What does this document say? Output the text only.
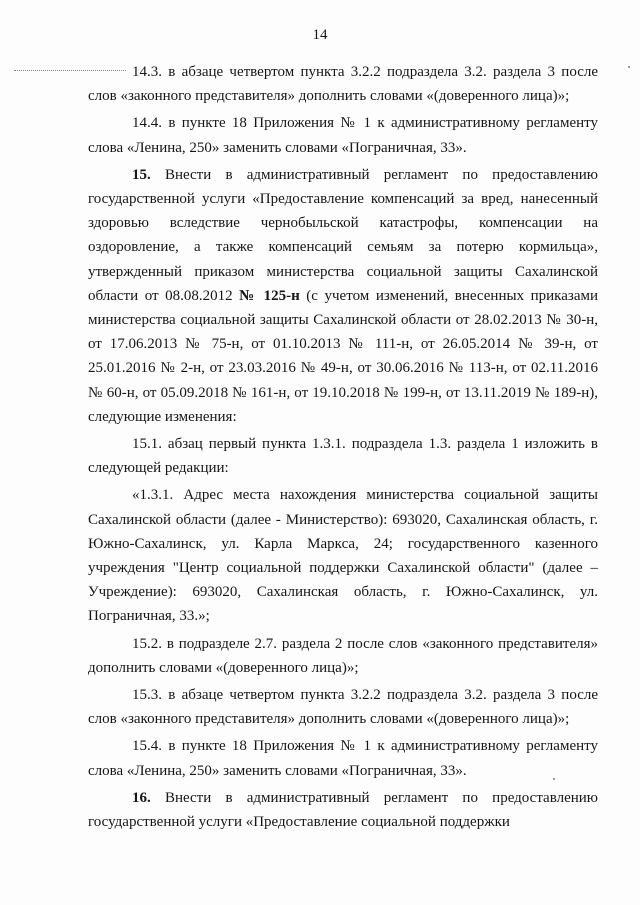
14

14.3. в абзаце четвертом пункта 3.2.2 подраздела 3.2. раздела 3 после слов «законного представителя» дополнить словами «(доверенного лица)»;

14.4. в пункте 18 Приложения № 1 к административному регламенту слова «Ленина, 250» заменить словами «Пограничная, 33».

15. Внести в административный регламент по предоставлению государственной услуги «Предоставление компенсаций за вред, нанесенный здоровью вследствие чернобыльской катастрофы, компенсации на оздоровление, а также компенсаций семьям за потерю кормильца», утвержденный приказом министерства социальной защиты Сахалинской области от 08.08.2012 № 125-н (с учетом изменений, внесенных приказами министерства социальной защиты Сахалинской области от 28.02.2013 № 30-н, от 17.06.2013 № 75-н, от 01.10.2013 № 111-н, от 26.05.2014 № 39-н, от 25.01.2016 № 2-н, от 23.03.2016 № 49-н, от 30.06.2016 № 113-н, от 02.11.2016 № 60-н, от 05.09.2018 № 161-н, от 19.10.2018 № 199-н, от 13.11.2019 № 189-н), следующие изменения:

15.1. абзац первый пункта 1.3.1. подраздела 1.3. раздела 1 изложить в следующей редакции:

«1.3.1. Адрес места нахождения министерства социальной защиты Сахалинской области (далее - Министерство): 693020, Сахалинская область, г. Южно-Сахалинск, ул. Карла Маркса, 24; государственного казенного учреждения "Центр социальной поддержки Сахалинской области" (далее – Учреждение): 693020, Сахалинская область, г. Южно-Сахалинск, ул. Пограничная, 33.»;

15.2. в подразделе 2.7. раздела 2 после слов «законного представителя» дополнить словами «(доверенного лица)»;

15.3. в абзаце четвертом пункта 3.2.2 подраздела 3.2. раздела 3 после слов «законного представителя» дополнить словами «(доверенного лица)»;

15.4. в пункте 18 Приложения № 1 к административному регламенту слова «Ленина, 250» заменить словами «Пограничная, 33».

16. Внести в административный регламент по предоставлению государственной услуги «Предоставление социальной поддержки
